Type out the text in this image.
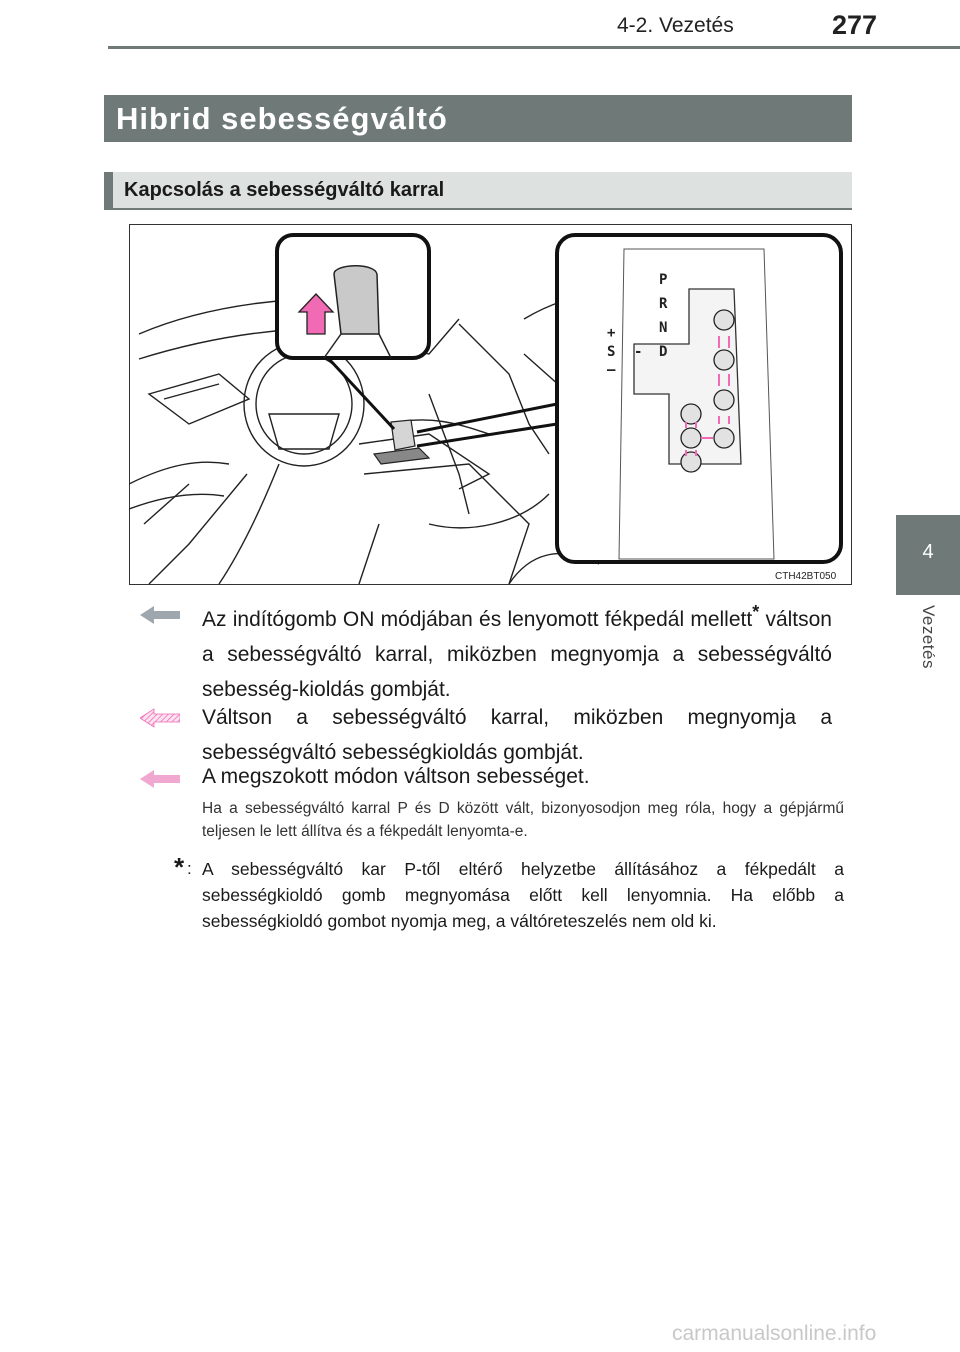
4-2. Vezetés	277
4
Vezetés
Hibrid sebességváltó
Kapcsolás a sebességváltó karral
P
R
N
D
S
+
–
-
CTH42BT050
Az indítógomb ON módjában és lenyomott fékpedál mellett* váltson a sebességváltó karral, miközben megnyomja a sebességváltó sebesség-kioldás gombját.
Váltson a sebességváltó karral, miközben megnyomja a sebességváltó sebességkioldás gombját.
A megszokott módon váltson sebességet.
Ha a sebességváltó karral P és D között vált, bizonyosodjon meg róla, hogy a gépjármű teljesen le lett állítva és a fékpedált lenyomta-e.
* : A sebességváltó kar P-től eltérő helyzetbe állításához a fékpedált a sebességkioldó gomb megnyomása előtt kell lenyomnia. Ha előbb a sebességkioldó gombot nyomja meg, a váltóreteszelés nem old ki.
carmanualsonline.info
